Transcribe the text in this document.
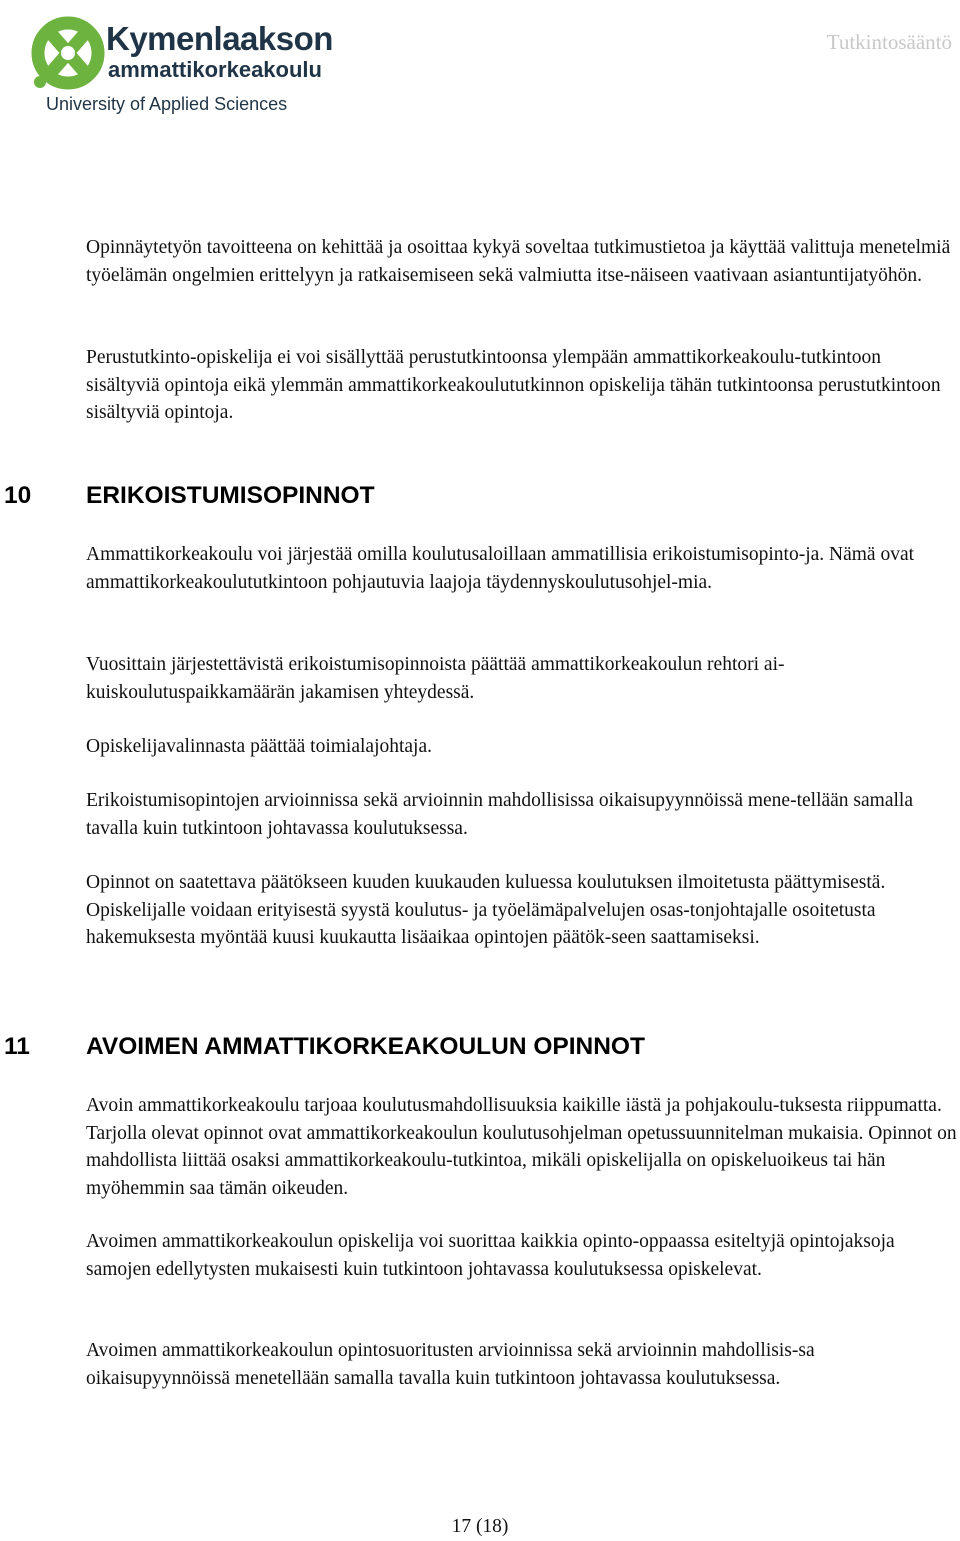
Kymenlaakson
ammattikorkeakoulu
University of Applied Sciences
Tutkintosääntö

Opinnäytetyön tavoitteena on kehittää ja osoittaa kykyä soveltaa tutkimustietoa ja käyttää valittuja menetelmiä työelämän ongelmien erittelyyn ja ratkaisemiseen sekä valmiutta itse-näiseen vaativaan asiantuntijatyöhön.

Perustutkinto-opiskelija ei voi sisällyttää perustutkintoonsa ylempään ammattikorkeakoulu-tutkintoon sisältyviä opintoja eikä ylemmän ammattikorkeakoulututkinnon opiskelija tähän tutkintoonsa perustutkintoon sisältyviä opintoja.

10 ERIKOISTUMISOPINNOT

Ammattikorkeakoulu voi järjestää omilla koulutusaloillaan ammatillisia erikoistumisopinto-ja. Nämä ovat ammattikorkeakoulututkintoon pohjautuvia laajoja täydennyskoulutusohjel-mia.

Vuosittain järjestettävistä erikoistumisopinnoista päättää ammattikorkeakoulun rehtori ai-kuiskoulutuspaikkamäärän jakamisen yhteydessä.

Opiskelijavalinnasta päättää toimialajohtaja.

Erikoistumisopintojen arvioinnissa sekä arvioinnin mahdollisissa oikaisupyynnöissä mene-tellään samalla tavalla kuin tutkintoon johtavassa koulutuksessa.

Opinnot on saatettava päätökseen kuuden kuukauden kuluessa koulutuksen ilmoitetusta päättymisestä. Opiskelijalle voidaan erityisestä syystä koulutus- ja työelämäpalvelujen osas-tonjohtajalle osoitetusta hakemuksesta myöntää kuusi kuukautta lisäaikaa opintojen päätök-seen saattamiseksi.

11 AVOIMEN AMMATTIKORKEAKOULUN OPINNOT

Avoin ammattikorkeakoulu tarjoaa koulutusmahdollisuuksia kaikille iästä ja pohjakoulu-tuksesta riippumatta. Tarjolla olevat opinnot ovat ammattikorkeakoulun koulutusohjelman opetussuunnitelman mukaisia. Opinnot on mahdollista liittää osaksi ammattikorkeakoulu-tutkintoa, mikäli opiskelijalla on opiskeluoikeus tai hän myöhemmin saa tämän oikeuden.

Avoimen ammattikorkeakoulun opiskelija voi suorittaa kaikkia opinto-oppaassa esiteltyjä opintojaksoja samojen edellytysten mukaisesti kuin tutkintoon johtavassa koulutuksessa opiskelevat.

Avoimen ammattikorkeakoulun opintosuoritusten arvioinnissa sekä arvioinnin mahdollisis-sa oikaisupyynnöissä menetellään samalla tavalla kuin tutkintoon johtavassa koulutuksessa.

17 (18)
